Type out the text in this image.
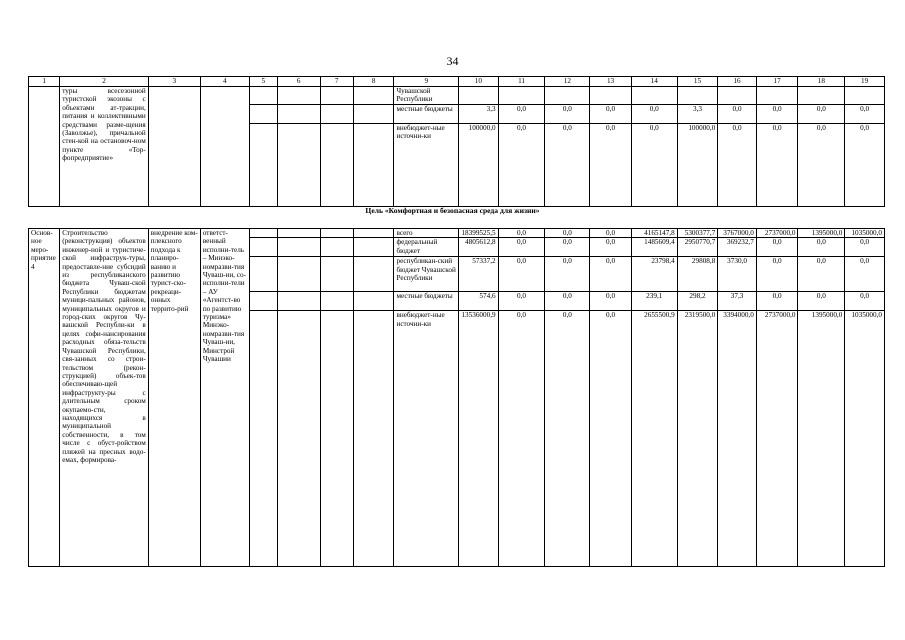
34
1	2	3	4	5	6	7	8	9	10	11	12	13	14	15	16	17	18	19
	туры всесезонной туристской экозоны с объектами ат-тракции, питания и коллективными средствами разме-щения (Заволжье), причальной стен-кой на остановоч-ном пункте «Тор-фопредприятие»							Чувашской Республики										
								местные бюджеты	3,3	0,0	0,0	0,0	0,0	3,3	0,0	0,0	0,0	0,0
								внебюджет-ные источни-ки	100000,0	0,0	0,0	0,0	0,0	100000,0	0,0	0,0	0,0	0,0
Цель «Комфортная и безопасная среда для жизни»
Основ-ное меро-приятие 4	Строительство (реконструкция) объектов инженер-ной и туристиче-ской инфраструк-туры, предоставле-ние субсидий из республиканского бюджета Чуваш-ской Республики бюджетам муници-пальных районов, муниципальных округов и город-ских округов Чу-вашской Республи-ки в целях софи-нансирования расходных обяза-тельств Чувашской Республики, свя-занных со строи-тельством (рекон-струкцией) объек-тов обеспечиваю-щей инфраструкту-ры с длительным сроком окупаемо-сти, находящихся в муниципальной собственности, в том числе с обуст-ройством пляжей на пресных водо-емах, формирова-	внедрение ком-плексного подхода к планиро-ванию и развитию турист-ско-рекреаци-онных террито-рий	ответст-венный исполни-тель – Минэко-номразви-тия Чуваш-ии, со-исполни-тели – АУ «Агентст-во по развитию туризма» Минэко-номразви-тия Чуваш-ии, Минстрой Чувашии					всего	18399525,5	0,0	0,0	0,0	4165147,8	5300377,7	3767000,0	2737000,0	1395000,0	1035000,0
								федеральный бюджет	4805612,8	0,0	0,0	0,0	1485609,4	2950770,7	369232,7	0,0	0,0	0,0
								республикан-ский бюджет Чувашской Республики	57337,2	0,0	0,0	0,0	23798,4	29808,8	3730,0	0,0	0,0	0,0
								местные бюджеты	574,6	0,0	0,0	0,0	239,1	298,2	37,3	0,0	0,0	0,0
								внебюджет-ные источни-ки	13536000,9	0,0	0,0	0,0	2655500,9	2319500,0	3394000,0	2737000,0	1395000,0	1035000,0
